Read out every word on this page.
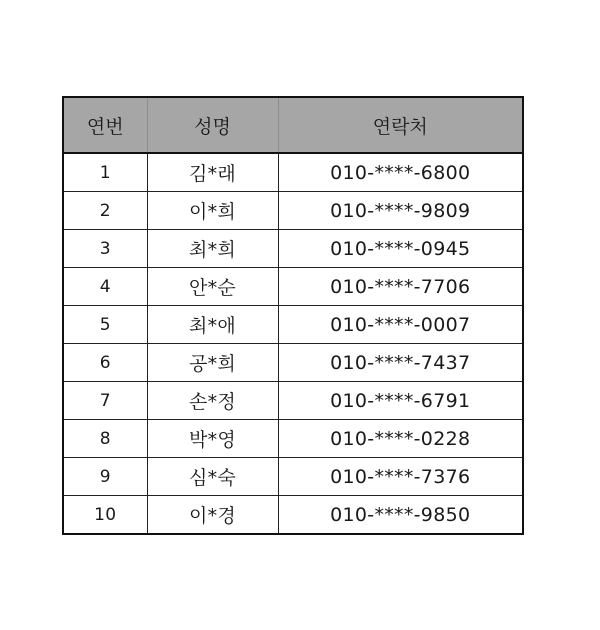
연번	성명	연락처
1	김*래	010-****-6800
2	이*희	010-****-9809
3	최*희	010-****-0945
4	안*순	010-****-7706
5	최*애	010-****-0007
6	공*희	010-****-7437
7	손*정	010-****-6791
8	박*영	010-****-0228
9	심*숙	010-****-7376
10	이*경	010-****-9850
